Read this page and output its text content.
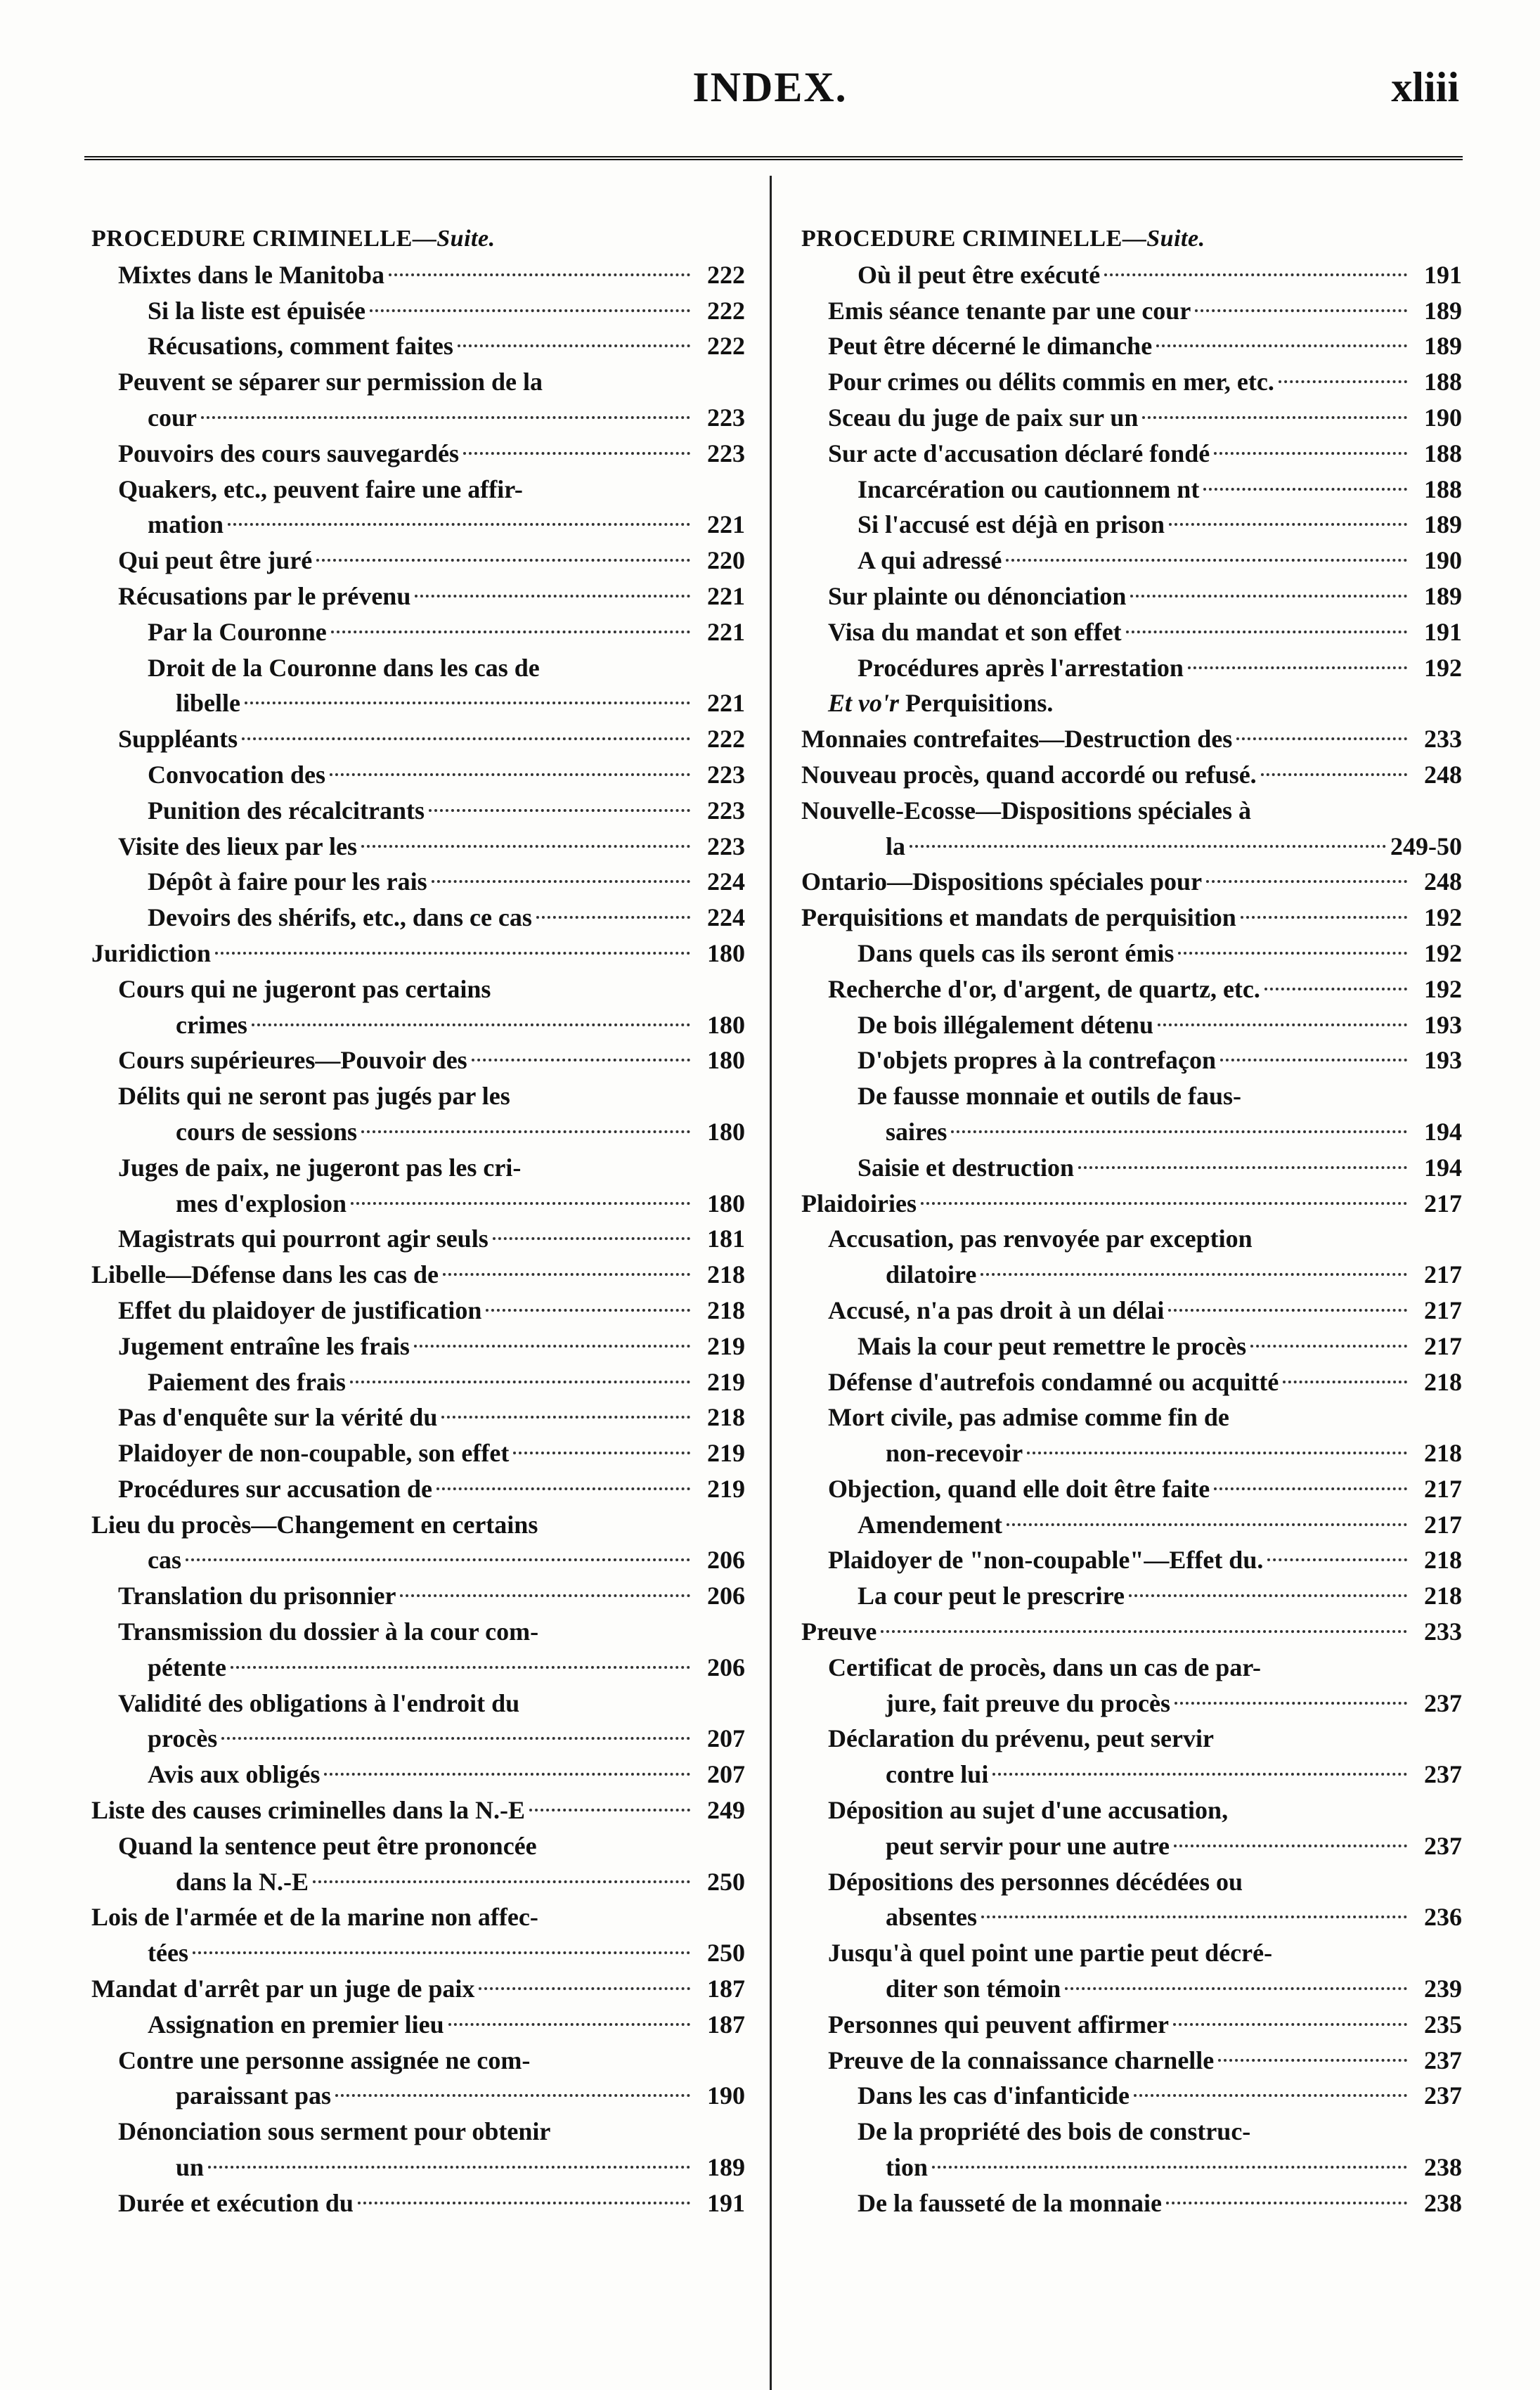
INDEX.	xliii
PROCEDURE CRIMINELLE—Suite.
Mixtes dans le Manitoba	222
Si la liste est épuisée	222
Récusations, comment faites	222
Peuvent se séparer sur permission de la
cour	223
Pouvoirs des cours sauvegardés	223
Quakers, etc., peuvent faire une affir-
mation	221
Qui peut être juré	220
Récusations par le prévenu	221
Par la Couronne	221
Droit de la Couronne dans les cas de
libelle	221
Suppléants	222
Convocation des	223
Punition des récalcitrants	223
Visite des lieux par les	223
Dépôt à faire pour les rais	224
Devoirs des shérifs, etc., dans ce cas	224
Juridiction	180
Cours qui ne jugeront pas certains
crimes	180
Cours supérieures—Pouvoir des	180
Délits qui ne seront pas jugés par les
cours de sessions	180
Juges de paix, ne jugeront pas les cri-
mes d'explosion	180
Magistrats qui pourront agir seuls	181
Libelle—Défense dans les cas de	218
Effet du plaidoyer de justification	218
Jugement entraîne les frais	219
Paiement des frais	219
Pas d'enquête sur la vérité du	218
Plaidoyer de non-coupable, son effet	219
Procédures sur accusation de	219
Lieu du procès—Changement en certains
cas	206
Translation du prisonnier	206
Transmission du dossier à la cour com-
pétente	206
Validité des obligations à l'endroit du
procès	207
Avis aux obligés	207
Liste des causes criminelles dans la N.-E	249
Quand la sentence peut être prononcée
dans la N.-E	250
Lois de l'armée et de la marine non affec-
tées	250
Mandat d'arrêt par un juge de paix	187
Assignation en premier lieu	187
Contre une personne assignée ne com-
paraissant pas	190
Dénonciation sous serment pour obtenir
un	189
Durée et exécution du	191
PROCEDURE CRIMINELLE—Suite.
Où il peut être exécuté	191
Emis séance tenante par une cour	189
Peut être décerné le dimanche	189
Pour crimes ou délits commis en mer, etc.	188
Sceau du juge de paix sur un	190
Sur acte d'accusation déclaré fondé	188
Incarcération ou cautionnem nt	188
Si l'accusé est déjà en prison	189
A qui adressé	190
Sur plainte ou dénonciation	189
Visa du mandat et son effet	191
Procédures après l'arrestation	192
Et vo'r Perquisitions.
Monnaies contrefaites—Destruction des	233
Nouveau procès, quand accordé ou refusé.	248
Nouvelle-Ecosse—Dispositions spéciales à
la	249-50
Ontario—Dispositions spéciales pour	248
Perquisitions et mandats de perquisition	192
Dans quels cas ils seront émis	192
Recherche d'or, d'argent, de quartz, etc.	192
De bois illégalement détenu	193
D'objets propres à la contrefaçon	193
De fausse monnaie et outils de faus-
saires	194
Saisie et destruction	194
Plaidoiries	217
Accusation, pas renvoyée par exception
dilatoire	217
Accusé, n'a pas droit à un délai	217
Mais la cour peut remettre le procès	217
Défense d'autrefois condamné ou acquitté	218
Mort civile, pas admise comme fin de
non-recevoir	218
Objection, quand elle doit être faite	217
Amendement	217
Plaidoyer de "non-coupable"—Effet du.	218
La cour peut le prescrire	218
Preuve	233
Certificat de procès, dans un cas de par-
jure, fait preuve du procès	237
Déclaration du prévenu, peut servir
contre lui	237
Déposition au sujet d'une accusation,
peut servir pour une autre	237
Dépositions des personnes décédées ou
absentes	236
Jusqu'à quel point une partie peut décré-
diter son témoin	239
Personnes qui peuvent affirmer	235
Preuve de la connaissance charnelle	237
Dans les cas d'infanticide	237
De la propriété des bois de construc-
tion	238
De la fausseté de la monnaie	238
